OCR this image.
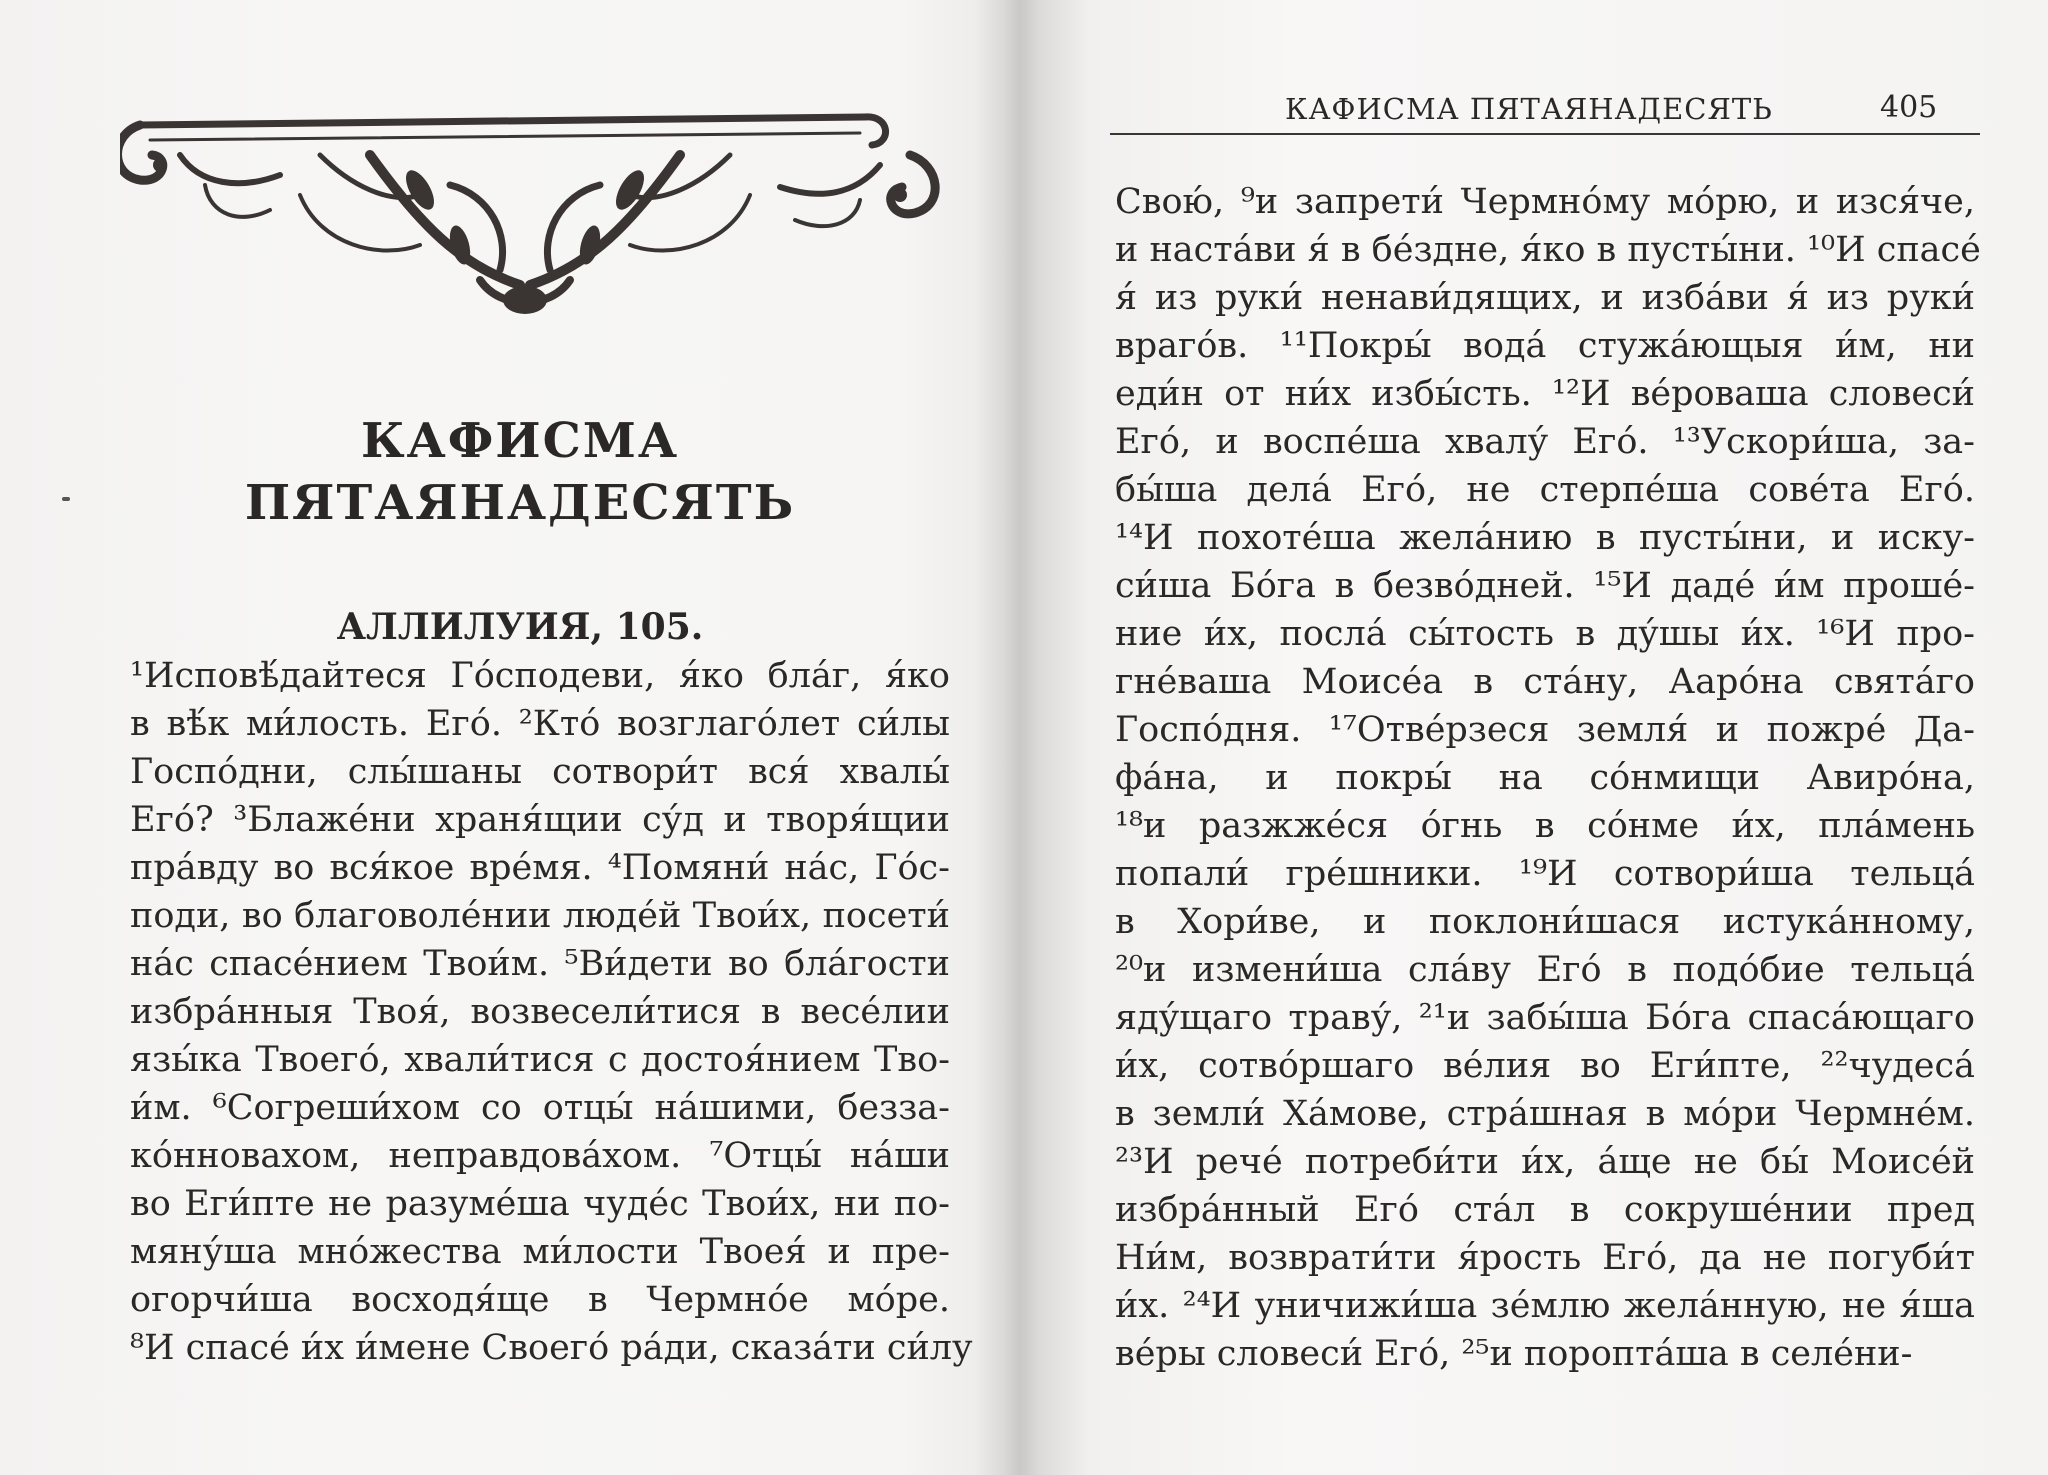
КАФИСМА
ПЯТАЯНАДЕСЯТЬ
АЛЛИЛУИЯ, 105.
¹Исповѣ́дайтеся Го́сподеви, я́ко бла́г, я́ко
в вѣ́к ми́лость. Его́. ²Кто́ возглаго́лет си́лы
Госпо́дни, слы́шаны сотвори́т вся́ хвалы́
Его́? ³Блаже́ни храня́щии су́д и творя́щии
пра́вду во вся́кое вре́мя. ⁴Помяни́ на́с, Го́с-
поди, во благоволе́нии люде́й Твои́х, посети́
на́с спасе́нием Твои́м. ⁵Ви́дети во бла́гости
избра́нныя Твоя́, возвесели́тися в весе́лии
язы́ка Твоего́, хвали́тися с достоя́нием Тво-
и́м. ⁶Согреши́хом со отцы́ на́шими, безза-
ко́нновахом, неправдова́хом. ⁷Отцы́ на́ши
во Еги́пте не разуме́ша чуде́с Твои́х, ни по-
мяну́ша мно́жества ми́лости Твоея́ и пре-
огорчи́ша восходя́ще в Чермно́е мо́ре.
⁸И спасе́ и́х и́мене Своего́ ра́ди, сказа́ти си́лу
КАФИСМА ПЯТАЯНАДЕСЯТЬ	405
Свою́, ⁹и запрети́ Чермно́му мо́рю, и изся́че,
и наста́ви я́ в бе́здне, я́ко в пусты́ни. ¹⁰И спасе́
я́ из руки́ ненави́дящих, и изба́ви я́ из руки́
враго́в. ¹¹Покры́ вода́ стужа́ющыя и́м, ни
еди́н от ни́х избы́сть. ¹²И ве́роваша словеси́
Его́, и воспе́ша хвалу́ Его́. ¹³Ускори́ша, за-
бы́ша дела́ Его́, не стерпе́ша сове́та Его́.
¹⁴И похоте́ша жела́нию в пусты́ни, и иску-
си́ша Бо́га в безво́дней. ¹⁵И даде́ и́м проше́-
ние и́х, посла́ сы́тость в ду́шы и́х. ¹⁶И про-
гне́ваша Моисе́а в ста́ну, Ааро́на свята́го
Госпо́дня. ¹⁷Отве́рзеся земля́ и пожре́ Да-
фа́на, и покры́ на со́нмищи Авиро́на,
¹⁸и разжже́ся о́гнь в со́нме и́х, пла́мень
попали́ гре́шники. ¹⁹И сотвори́ша тельца́
в Хори́ве, и поклони́шася истука́нному,
²⁰и измени́ша сла́ву Его́ в подо́бие тельца́
яду́щаго траву́, ²¹и забы́ша Бо́га спаса́ющаго
и́х, сотво́ршаго ве́лия во Еги́пте, ²²чудеса́
в земли́ Ха́мове, стра́шная в мо́ри Чермне́м.
²³И рече́ потреби́ти и́х, а́ще не бы́ Моисе́й
избра́нный Его́ ста́л в сокруше́нии пред
Ни́м, возврати́ти я́рость Его́, да не погуби́т
и́х. ²⁴И уничижи́ша зе́млю жела́нную, не я́ша
ве́ры словеси́ Его́, ²⁵и поропта́ша в селе́ни-
